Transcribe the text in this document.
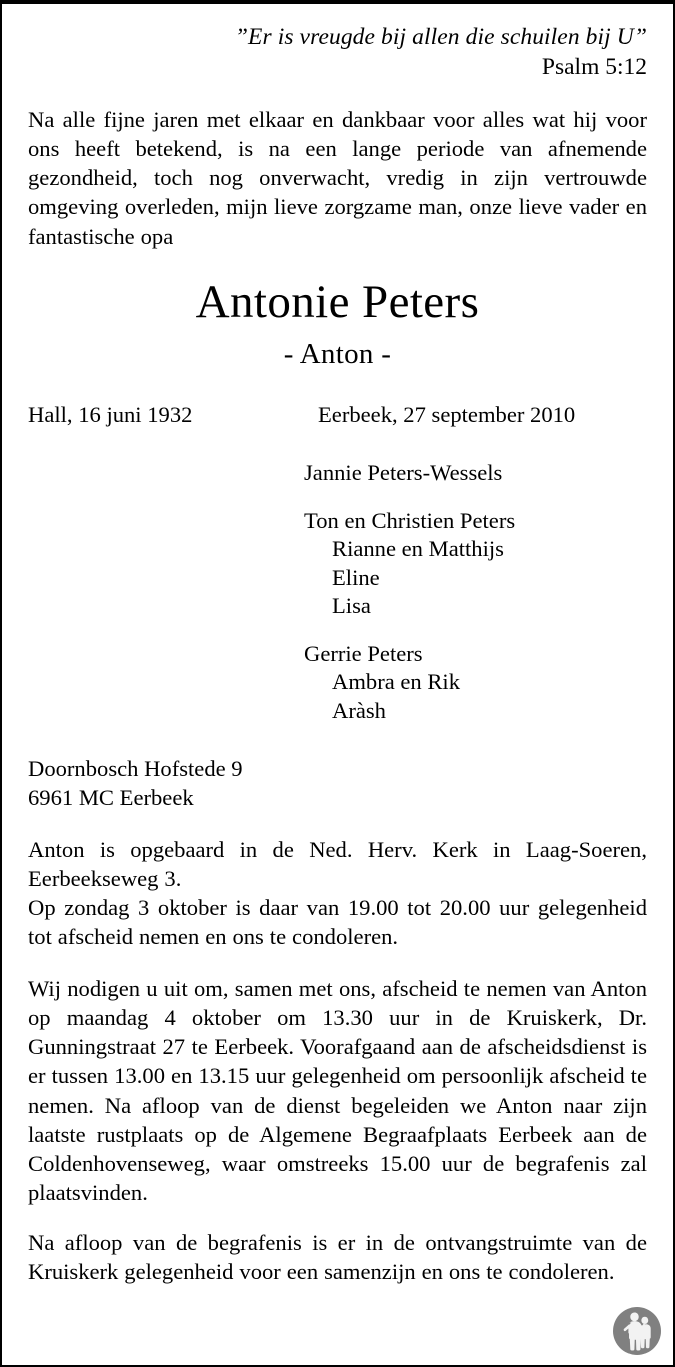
”Er is vreugde bij allen die schuilen bij U”
Psalm 5:12
Na alle fijne jaren met elkaar en dankbaar voor alles wat hij voor ons heeft betekend, is na een lange periode van afnemende gezondheid, toch nog onverwacht, vredig in zijn vertrouwde omgeving overleden, mijn lieve zorgzame man, onze lieve vader en fantastische opa
Antonie Peters
- Anton -
Hall, 16 juni 1932	Eerbeek, 27 september 2010
Jannie Peters-Wessels
Ton en Christien Peters
Rianne en Matthijs
Eline
Lisa
Gerrie Peters
Ambra en Rik
Aràsh
Doornbosch Hofstede 9
6961 MC Eerbeek
Anton is opgebaard in de Ned. Herv. Kerk in Laag-Soeren, Eerbeekseweg 3.
Op zondag 3 oktober is daar van 19.00 tot 20.00 uur gelegenheid tot afscheid nemen en ons te condoleren.
Wij nodigen u uit om, samen met ons, afscheid te nemen van Anton op maandag 4 oktober om 13.30 uur in de Kruiskerk, Dr. Gunningstraat 27 te Eerbeek. Voorafgaand aan de afscheidsdienst is er tussen 13.00 en 13.15 uur gelegenheid om persoonlijk afscheid te nemen. Na afloop van de dienst begeleiden we Anton naar zijn laatste rustplaats op de Algemene Begraafplaats Eerbeek aan de Coldenhovenseweg, waar omstreeks 15.00 uur de begrafenis zal plaatsvinden.
Na afloop van de begrafenis is er in de ontvangstruimte van de Kruiskerk gelegenheid voor een samenzijn en ons te condoleren.
